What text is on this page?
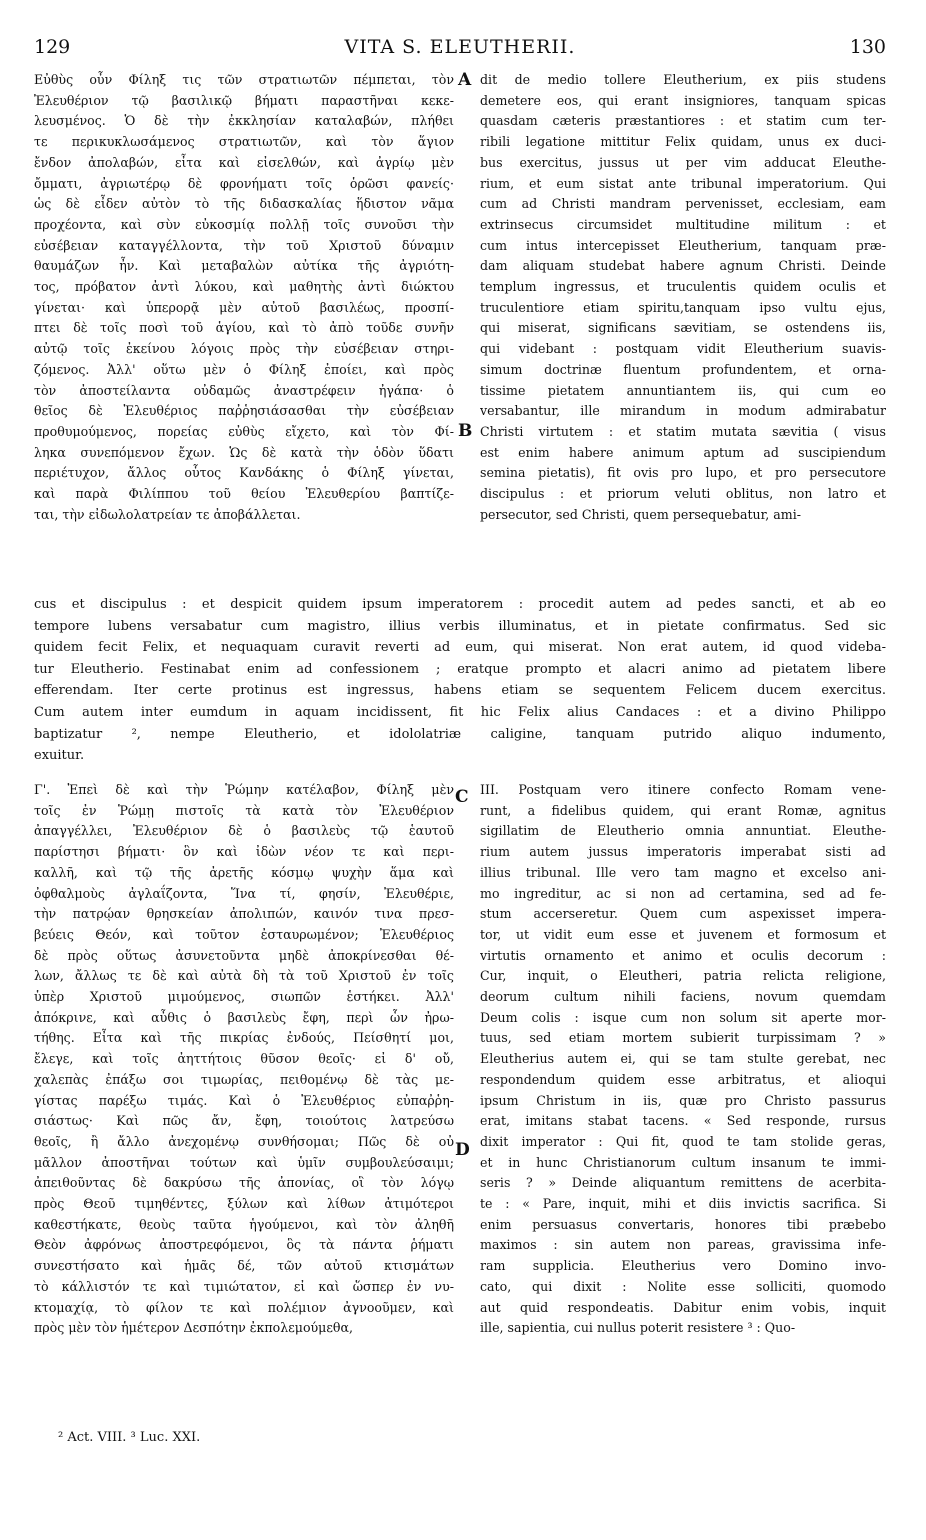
129	VITA S. ELEUTHERII.	130
A
B
C
D
Εὐθὺς οὖν Φίληξ τις τῶν στρατιωτῶν πέμπεται, τὸν
Ἐλευθέριον τῷ βασιλικῷ βήματι παραστῆναι κεκε-
λευσμένος. Ὁ δὲ τὴν ἐκκλησίαν καταλαβών, πλήθει
τε περικυκλωσάμενος στρατιωτῶν, καὶ τὸν ἅγιον
ἔνδον ἀπολαβών, εἶτα καὶ εἰσελθών, καὶ ἀγρίῳ μὲν
ὄμματι, ἀγριωτέρῳ δὲ φρονήματι τοῖς ὁρῶσι φανείς·
ὡς δὲ εἶδεν αὐτὸν τὸ τῆς διδασκαλίας ἥδιστον νᾶμα
προχέοντα, καὶ σὺν εὐκοσμίᾳ πολλῇ τοῖς συνοῦσι τὴν
εὐσέβειαν καταγγέλλοντα, τὴν τοῦ Χριστοῦ δύναμιν
θαυμάζων ἦν. Καὶ μεταβαλὼν αὐτίκα τῆς ἀγριότη-
τος, πρόβατον ἀντὶ λύκου, καὶ μαθητὴς ἀντὶ διώκτου
γίνεται· καὶ ὑπερορᾷ μὲν αὐτοῦ βασιλέως, προσπί-
πτει δὲ τοῖς ποσὶ τοῦ ἁγίου, καὶ τὸ ἀπὸ τοῦδε συνῆν
αὐτῷ τοῖς ἐκείνου λόγοις πρὸς τὴν εὐσέβειαν στηρι-
ζόμενος. Ἀλλ' οὕτω μὲν ὁ Φίληξ ἐποίει, καὶ πρὸς
τὸν ἀποστείλαντα οὐδαμῶς ἀναστρέφειν ἠγάπα· ὁ
θεῖος δὲ Ἐλευθέριος παῤῥησιάσασθαι τὴν εὐσέβειαν
προθυμούμενος, πορείας εὐθὺς εἴχετο, καὶ τὸν Φί-
ληκα συνεπόμενον ἔχων. Ὡς δὲ κατὰ τὴν ὁδὸν ὕδατι
περιέτυχον, ἄλλος οὗτος Κανδάκης ὁ Φίληξ γίνεται,
καὶ παρὰ Φιλίππου τοῦ θείου Ἐλευθερίου βαπτίζε-
ται, τὴν εἰδωλολατρείαν τε ἀποβάλλεται.
dit de medio tollere Eleutherium, ex piis studens
demetere eos, qui erant insigniores, tanquam spicas
quasdam cæteris præstantiores : et statim cum ter-
ribili legatione mittitur Felix quidam, unus ex duci-
bus exercitus, jussus ut per vim adducat Eleuthe-
rium, et eum sistat ante tribunal imperatorium. Qui
cum ad Christi mandram pervenisset, ecclesiam, eam
extrinsecus circumsidet multitudine militum : et
cum intus intercepisset Eleutherium, tanquam præ-
dam aliquam studebat habere agnum Christi. Deinde
templum ingressus, et truculentis quidem oculis et
truculentiore etiam spiritu,tanquam ipso vultu ejus,
qui miserat, significans sævitiam, se ostendens iis,
qui videbant : postquam vidit Eleutherium suavis-
simum doctrinæ fluentum profundentem, et orna-
tissime pietatem annuntiantem iis, qui cum eo
versabantur, ille mirandum in modum admirabatur
Christi virtutem : et statim mutata sævitia ( visus
est enim habere animum aptum ad suscipiendum
semina pietatis), fit ovis pro lupo, et pro persecutore
discipulus : et priorum veluti oblitus, non latro et
persecutor, sed Christi, quem persequebatur, ami-
cus et discipulus : et despicit quidem ipsum imperatorem : procedit autem ad pedes sancti, et ab eo
tempore lubens versabatur cum magistro, illius verbis illuminatus, et in pietate confirmatus. Sed sic
quidem fecit Felix, et nequaquam curavit reverti ad eum, qui miserat. Non erat autem, id quod videba-
tur Eleutherio. Festinabat enim ad confessionem ; eratque prompto et alacri animo ad pietatem libere
efferendam. Iter certe protinus est ingressus, habens etiam se sequentem Felicem ducem exercitus.
Cum autem inter eumdum in aquam incidissent, fit hic Felix alius Candaces : et a divino Philippo
baptizatur ², nempe Eleutherio, et idololatriæ caligine, tanquam putrido aliquo indumento,
exuitur.
Γ'. Ἐπεὶ δὲ καὶ τὴν Ῥώμην κατέλαβον, Φίληξ μὲν
τοῖς ἐν Ῥώμῃ πιστοῖς τὰ κατὰ τὸν Ἐλευθέριον
ἀπαγγέλλει, Ἐλευθέριον δὲ ὁ βασιλεὺς τῷ ἑαυτοῦ
παρίστησι βήματι· ὃν καὶ ἰδὼν νέον τε καὶ περι-
καλλῆ, καὶ τῷ τῆς ἀρετῆς κόσμῳ ψυχὴν ἅμα καὶ
ὀφθαλμοὺς ἀγλαΐζοντα, Ἵνα τί, φησίν, Ἐλευθέριε,
τὴν πατρῴαν θρησκείαν ἀπολιπών, καινόν τινα πρεσ-
βεύεις Θεόν, καὶ τοῦτον ἐσταυρωμένον; Ἐλευθέριος
δὲ πρὸς οὕτως ἀσυνετοῦντα μηδὲ ἀποκρίνεσθαι θέ-
λων, ἄλλως τε δὲ καὶ αὐτὰ δὴ τὰ τοῦ Χριστοῦ ἐν τοῖς
ὑπὲρ Χριστοῦ μιμούμενος, σιωπῶν ἑστήκει. Ἀλλ'
ἀπόκρινε, καὶ αὖθις ὁ βασιλεὺς ἔφη, περὶ ὧν ἠρω-
τήθης. Εἶτα καὶ τῆς πικρίας ἐνδούς, Πείσθητί μοι,
ἔλεγε, καὶ τοῖς ἀηττήτοις θῦσον θεοῖς· εἰ δ' οὔ,
χαλεπὰς ἐπάξω σοι τιμωρίας, πειθομένῳ δὲ τὰς με-
γίστας παρέξω τιμάς. Καὶ ὁ Ἐλευθέριος εὐπαῤῥη-
σιάστως· Καὶ πῶς ἄν, ἔφη, τοιούτοις λατρεύσω
θεοῖς, ἢ ἄλλο ἀνεχομένῳ συνθήσομαι; Πῶς δὲ οὐ
μᾶλλον ἀποστῆναι τούτων καὶ ὑμῖν συμβουλεύσαιμι;
ἀπειθοῦντας δὲ δακρύσω τῆς ἀπονίας, οἳ τὸν λόγῳ
πρὸς Θεοῦ τιμηθέντες, ξύλων καὶ λίθων ἀτιμότεροι
καθεστήκατε, θεοὺς ταῦτα ἡγούμενοι, καὶ τὸν ἀληθῆ
Θεὸν ἀφρόνως ἀποστρεφόμενοι, ὃς τὰ πάντα ῥήματι
συνεστήσατο καὶ ἡμᾶς δέ, τῶν αὐτοῦ κτισμάτων
τὸ κάλλιστόν τε καὶ τιμιώτατον, εἰ καὶ ὥσπερ ἐν νυ-
κτομαχίᾳ, τὸ φίλον τε καὶ πολέμιον ἀγνοοῦμεν, καὶ
πρὸς μὲν τὸν ἡμέτερον Δεσπότην ἐκπολεμούμεθα,
III. Postquam vero itinere confecto Romam vene-
runt, a fidelibus quidem, qui erant Romæ, agnitus
sigillatim de Eleutherio omnia annuntiat. Eleuthe-
rium autem jussus imperatoris imperabat sisti ad
illius tribunal. Ille vero tam magno et excelso ani-
mo ingreditur, ac si non ad certamina, sed ad fe-
stum accerseretur. Quem cum aspexisset impera-
tor, ut vidit eum esse et juvenem et formosum et
virtutis ornamento et animo et oculis decorum :
Cur, inquit, o Eleutheri, patria relicta religione,
deorum cultum nihili faciens, novum quemdam
Deum colis : isque cum non solum sit aperte mor-
tuus, sed etiam mortem subierit turpissimam ? »
Eleutherius autem ei, qui se tam stulte gerebat, nec
respondendum quidem esse arbitratus, et alioqui
ipsum Christum in iis, quæ pro Christo passurus
erat, imitans stabat tacens. « Sed responde, rursus
dixit imperator : Qui fit, quod te tam stolide geras,
et in hunc Christianorum cultum insanum te immi-
seris ? » Deinde aliquantum remittens de acerbita-
te : « Pare, inquit, mihi et diis invictis sacrifica. Si
enim persuasus convertaris, honores tibi præbebo
maximos : sin autem non pareas, gravissima infe-
ram supplicia. Eleutherius vero Domino invo-
cato, qui dixit : Nolite esse solliciti, quomodo
aut quid respondeatis. Dabitur enim vobis, inquit
ille, sapientia, cui nullus poterit resistere ³ : Quo-
² Act. VIII. ³ Luc. XXI.
